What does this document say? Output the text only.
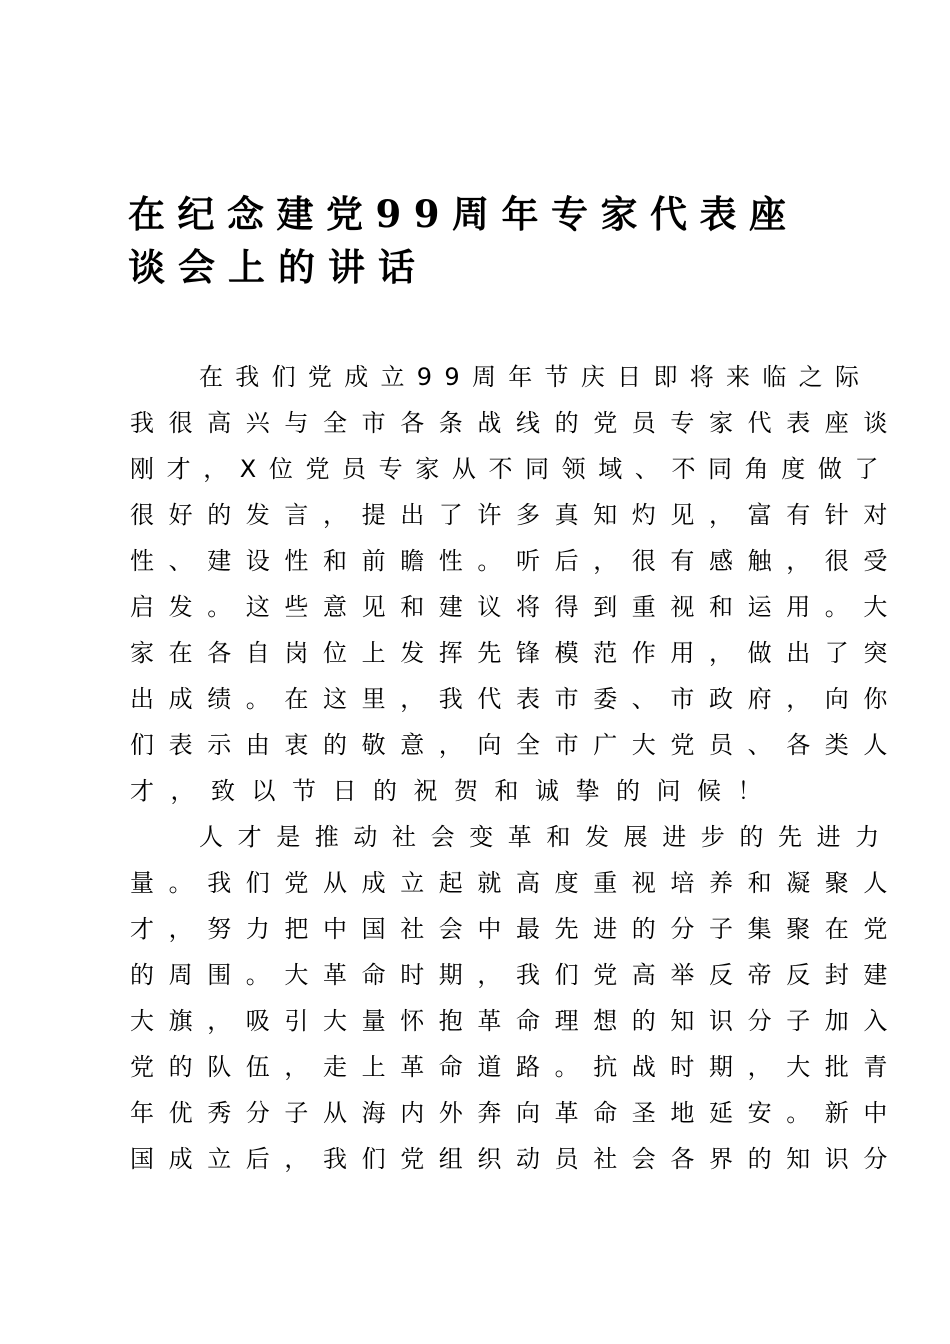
在纪念建党99周年专家代表座
谈会上的讲话
在我们党成立99周年节庆日即将来临之际
我很高兴与全市各条战线的党员专家代表座谈
刚才，X位党员专家从不同领域、不同角度做了
很好的发言，提出了许多真知灼见，富有针对
性、建设性和前瞻性。听后，很有感触，很受
启发。这些意见和建议将得到重视和运用。大
家在各自岗位上发挥先锋模范作用，做出了突
出成绩。在这里，我代表市委、市政府，向你
们表示由衷的敬意，向全市广大党员、各类人
才，致以节日的祝贺和诚挚的问候！
人才是推动社会变革和发展进步的先进力
量。我们党从成立起就高度重视培养和凝聚人
才，努力把中国社会中最先进的分子集聚在党
的周围。大革命时期，我们党高举反帝反封建
大旗，吸引大量怀抱革命理想的知识分子加入
党的队伍，走上革命道路。抗战时期，大批青
年优秀分子从海内外奔向革命圣地延安。新中
国成立后，我们党组织动员社会各界的知识分
